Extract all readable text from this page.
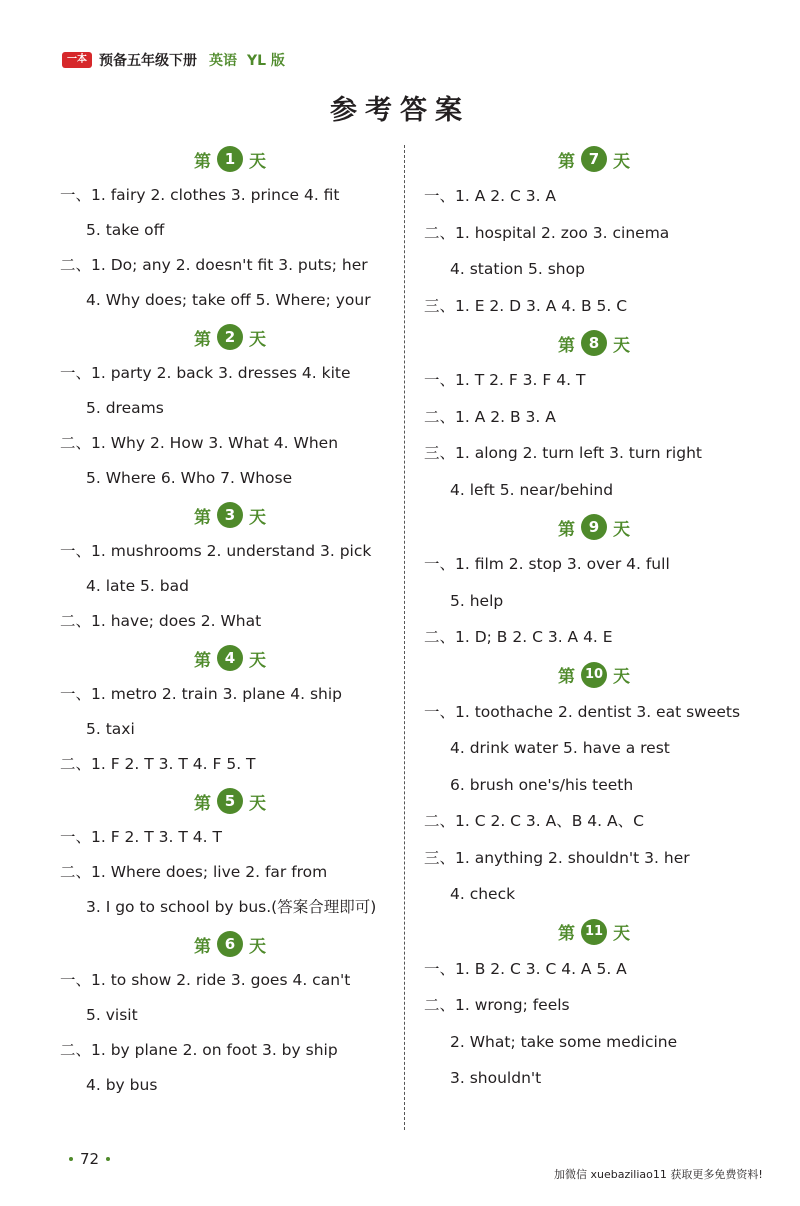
一本 预备五年级下册 英语 YL 版
参考答案
第 1 天
一、1. fairy 2. clothes 3. prince 4. fit
5. take off
二、1. Do; any 2. doesn't fit 3. puts; her
4. Why does; take off 5. Where; your
第 2 天
一、1. party 2. back 3. dresses 4. kite
5. dreams
二、1. Why 2. How 3. What 4. When
5. Where 6. Who 7. Whose
第 3 天
一、1. mushrooms 2. understand 3. pick
4. late 5. bad
二、1. have; does 2. What
第 4 天
一、1. metro 2. train 3. plane 4. ship
5. taxi
二、1. F 2. T 3. T 4. F 5. T
第 5 天
一、1. F 2. T 3. T 4. T
二、1. Where does; live 2. far from
3. I go to school by bus.(答案合理即可)
第 6 天
一、1. to show 2. ride 3. goes 4. can't
5. visit
二、1. by plane 2. on foot 3. by ship
4. by bus
第 7 天
一、1. A 2. C 3. A
二、1. hospital 2. zoo 3. cinema
4. station 5. shop
三、1. E 2. D 3. A 4. B 5. C
第 8 天
一、1. T 2. F 3. F 4. T
二、1. A 2. B 3. A
三、1. along 2. turn left 3. turn right
4. left 5. near/behind
第 9 天
一、1. film 2. stop 3. over 4. full
5. help
二、1. D; B 2. C 3. A 4. E
第 10 天
一、1. toothache 2. dentist 3. eat sweets
4. drink water 5. have a rest
6. brush one's/his teeth
二、1. C 2. C 3. A、B 4. A、C
三、1. anything 2. shouldn't 3. her
4. check
第 11 天
一、1. B 2. C 3. C 4. A 5. A
二、1. wrong; feels
2. What; take some medicine
3. shouldn't
72
加微信 xuebaziliao11 获取更多免费资料!
